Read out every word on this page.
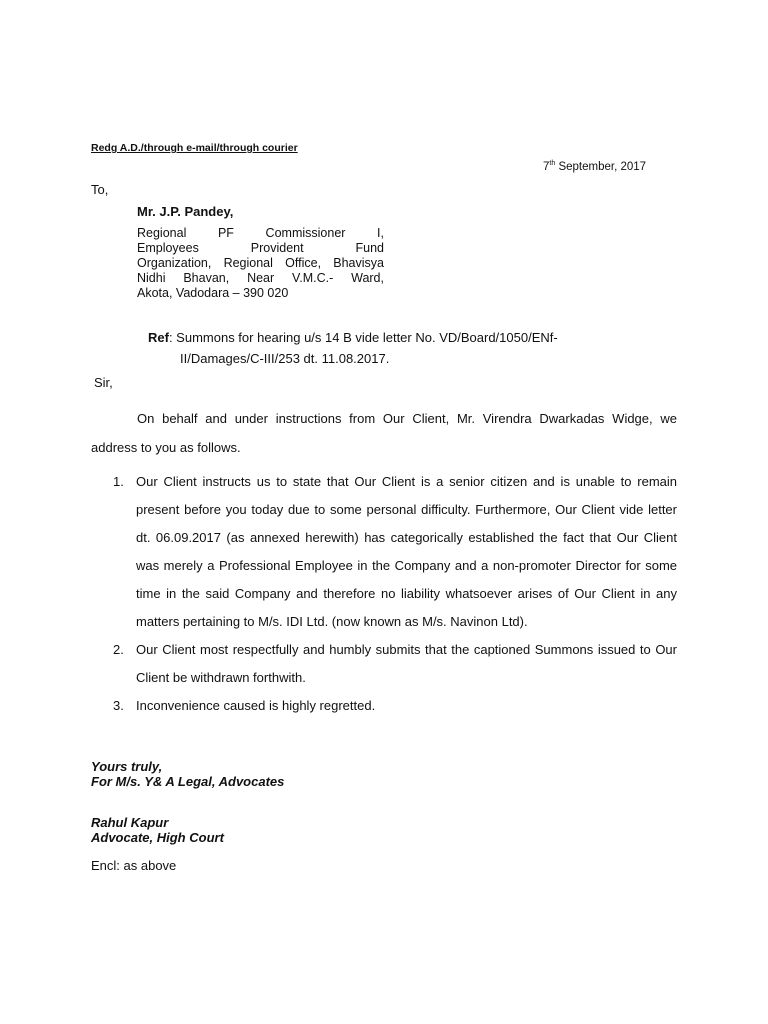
Redg A.D./through e-mail/through courier
7th September, 2017
To,
Mr. J.P. Pandey,
Regional PF Commissioner I,
Employees Provident Fund
Organization, Regional Office, Bhavisya
Nidhi Bhavan, Near V.M.C.- Ward,
Akota, Vadodara – 390 020
Ref: Summons for hearing u/s 14 B vide letter No. VD/Board/1050/ENf-
II/Damages/C-III/253 dt. 11.08.2017.
Sir,
On behalf and under instructions from Our Client, Mr. Virendra Dwarkadas Widge, we address to you as follows.
1. Our Client instructs us to state that Our Client is a senior citizen and is unable to remain present before you today due to some personal difficulty. Furthermore, Our Client vide letter dt. 06.09.2017 (as annexed herewith) has categorically established the fact that Our Client was merely a Professional Employee in the Company and a non-promoter Director for some time in the said Company and therefore no liability whatsoever arises of Our Client in any matters pertaining to M/s. IDI Ltd. (now known as M/s. Navinon Ltd).
2. Our Client most respectfully and humbly submits that the captioned Summons issued to Our Client be withdrawn forthwith.
3. Inconvenience caused is highly regretted.
Yours truly,
For M/s. Y& A Legal, Advocates
Rahul Kapur
Advocate, High Court
Encl: as above
